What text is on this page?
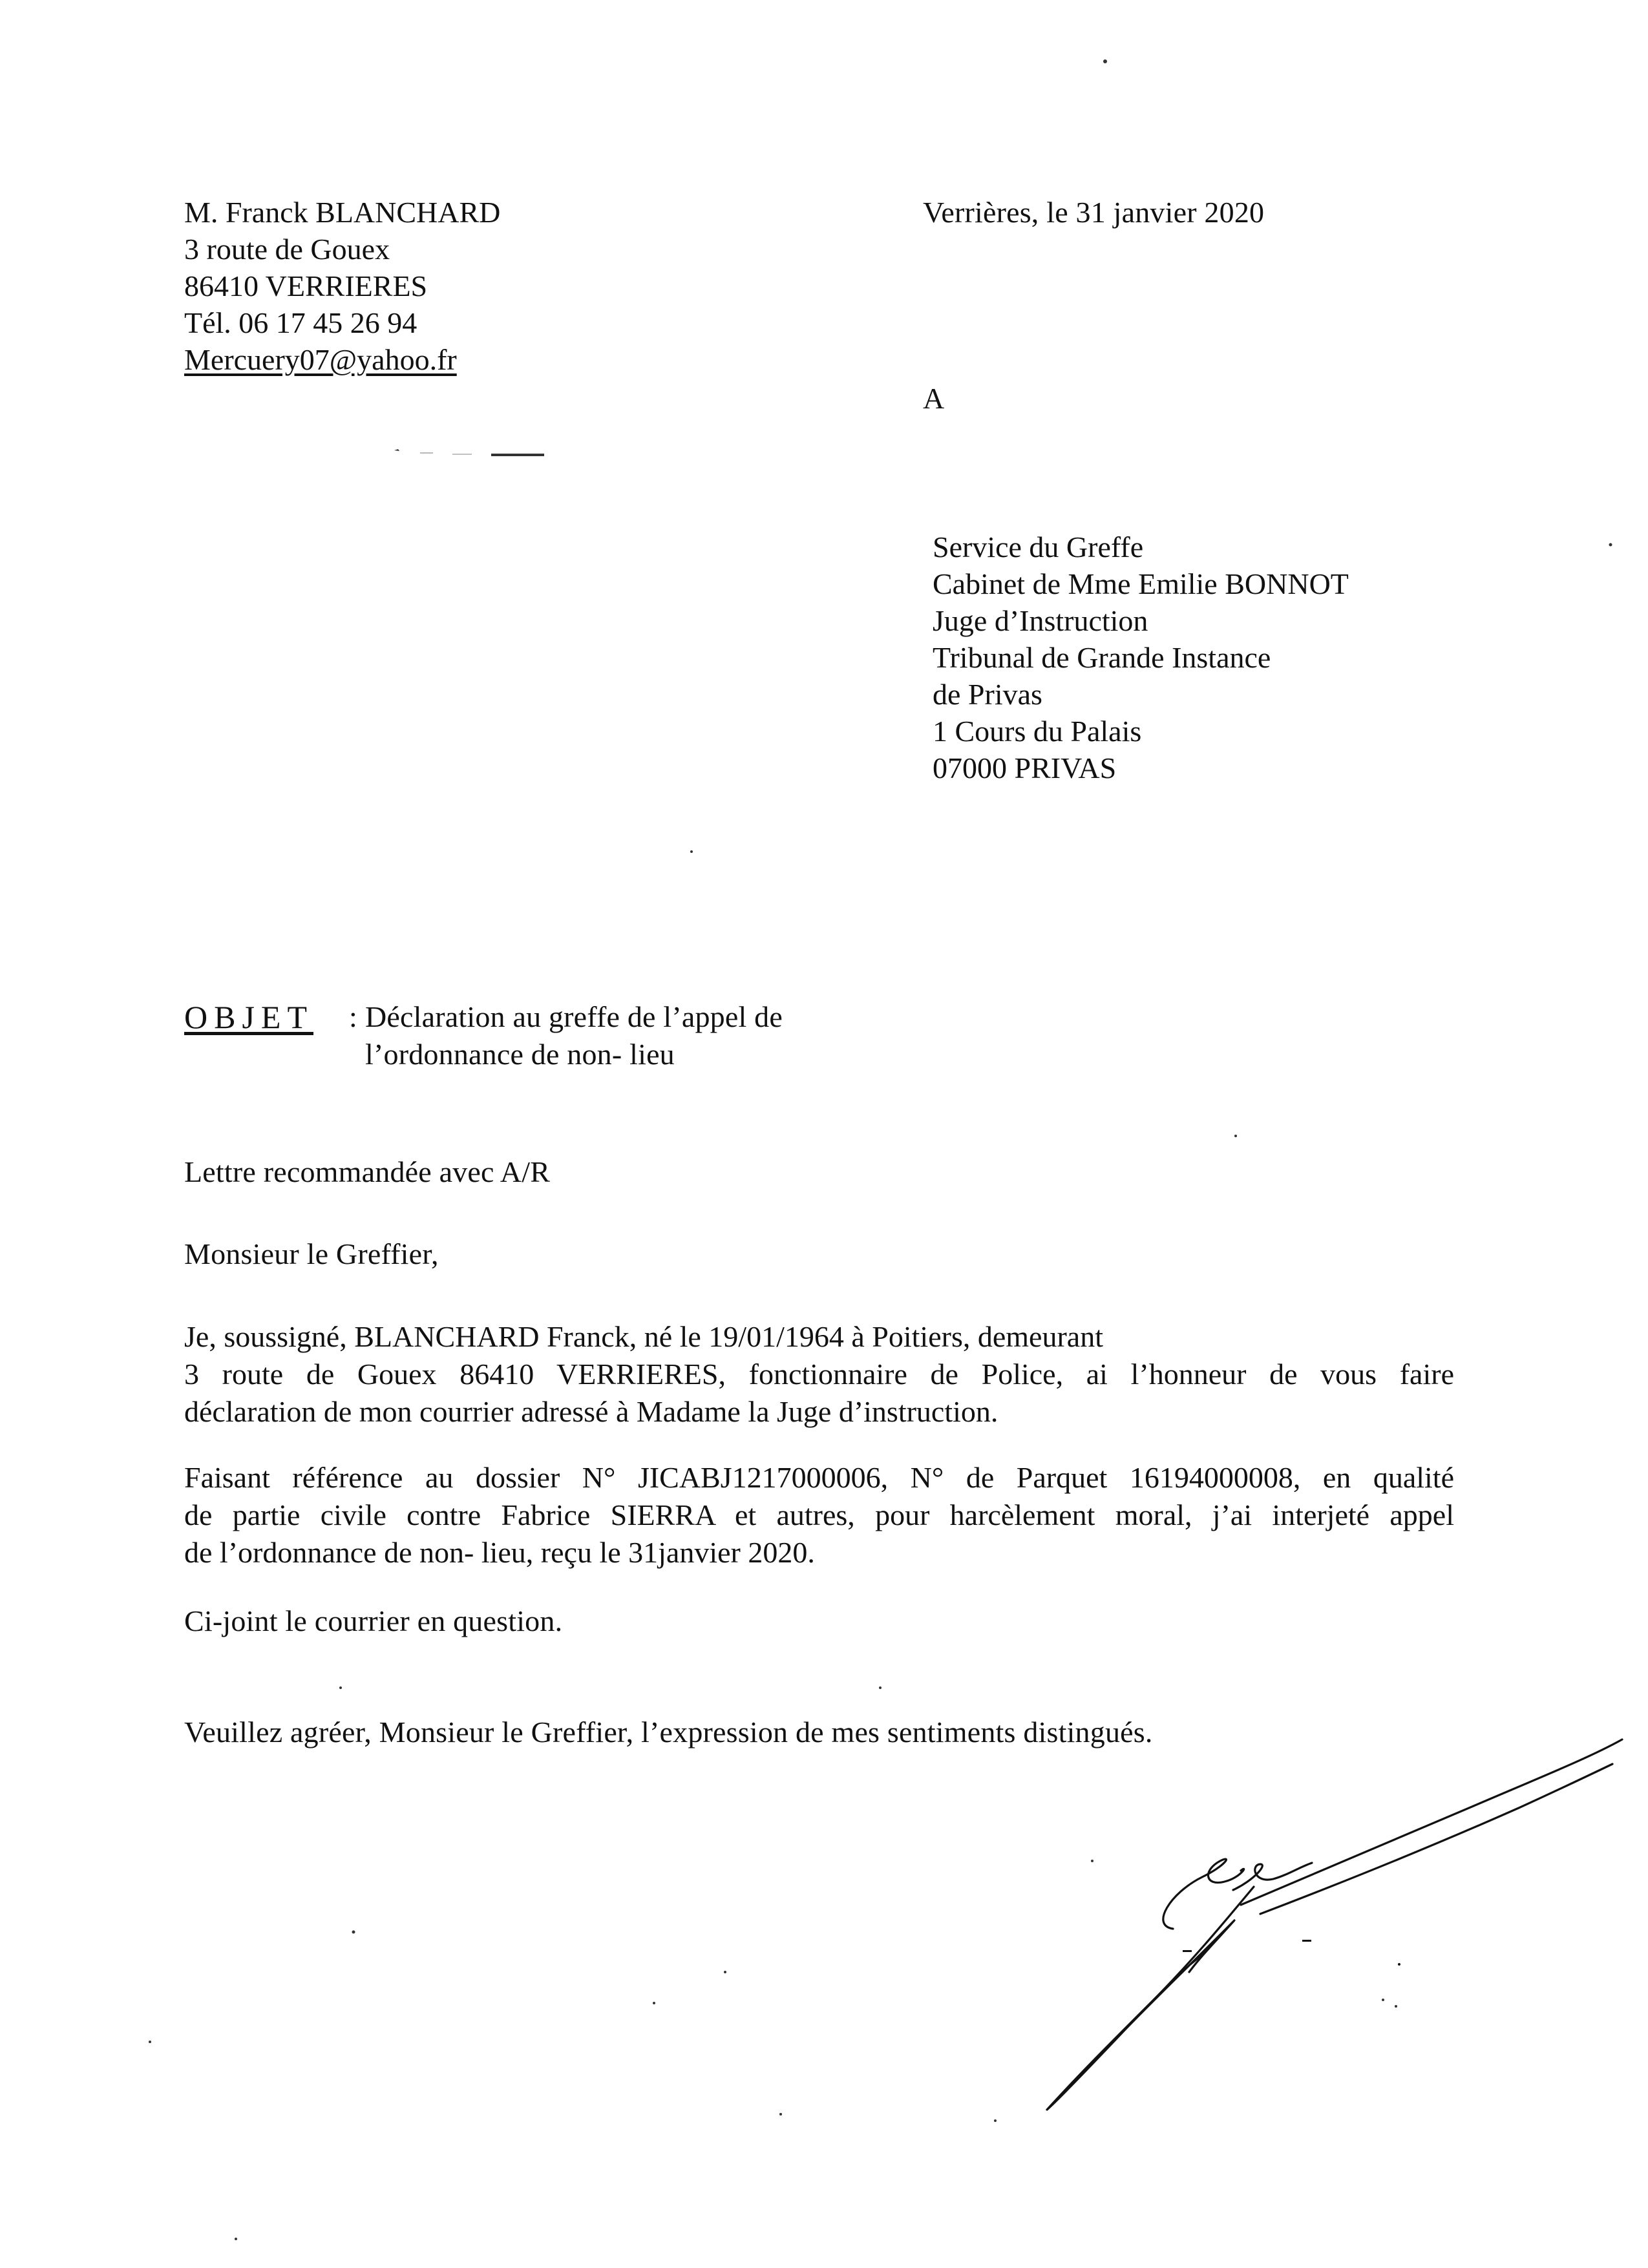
M. Franck BLANCHARD
3 route de Gouex
86410 VERRIERES
Tél. 06 17 45 26 94
Mercuery07@yahoo.fr
Verrières, le 31 janvier 2020
A
Service du Greffe
Cabinet de Mme Emilie BONNOT
Juge d’Instruction
Tribunal de Grande Instance
de Privas
1 Cours du Palais
07000 PRIVAS
OBJET : Déclaration au greffe de l’appel de
l’ordonnance de non- lieu
Lettre recommandée avec A/R
Monsieur le Greffier,
Je, soussigné, BLANCHARD Franck, né le 19/01/1964 à Poitiers, demeurant
3 route de Gouex 86410 VERRIERES, fonctionnaire de Police, ai l’honneur de vous faire
déclaration de mon courrier adressé à Madame la Juge d’instruction.
Faisant référence au dossier N° JICABJ1217000006, N° de Parquet 16194000008, en qualité
de partie civile contre Fabrice SIERRA et autres, pour harcèlement moral, j’ai interjeté appel
de l’ordonnance de non- lieu, reçu le 31janvier 2020.
Ci-joint le courrier en question.
Veuillez agréer, Monsieur le Greffier, l’expression de mes sentiments distingués.
